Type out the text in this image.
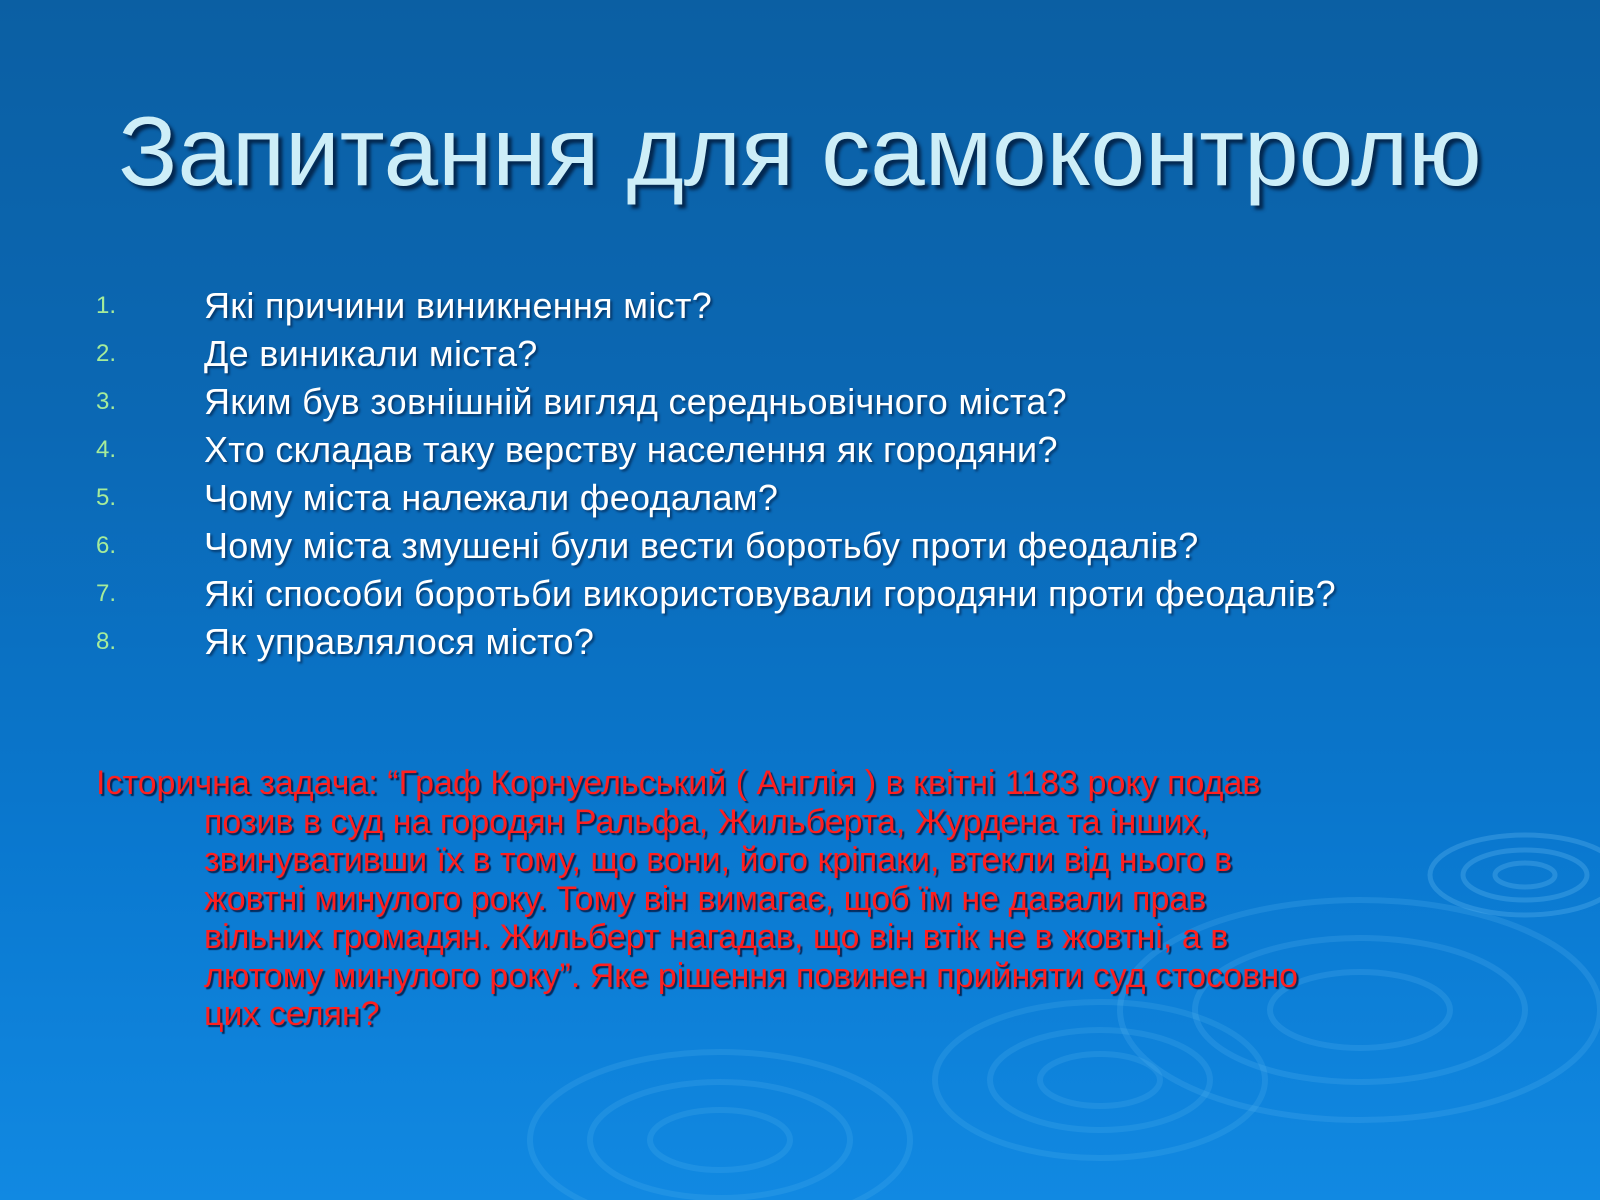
Запитання для самоконтролю
1. Які причини виникнення міст?
2. Де виникали міста?
3. Яким був зовнішній вигляд середньовічного міста?
4. Хто складав таку верству населення як городяни?
5. Чому міста належали феодалам?
6. Чому міста змушені були вести боротьбу проти феодалів?
7. Які способи боротьби використовували городяни проти феодалів?
8. Як управлялося місто?

Історична задача: “Граф Корнуельський ( Англія ) в квітні 1183 року подав
позив в суд на городян Ральфа, Жильберта, Журдена та інших,
звинувативши їх в тому, що вони, його кріпаки, втекли від нього в
жовтні минулого року. Тому він вимагає, щоб їм не давали прав
вільних громадян. Жильберт нагадав, що він втік не в жовтні, а в
лютому минулого року”. Яке рішення повинен прийняти суд стосовно
цих селян?
